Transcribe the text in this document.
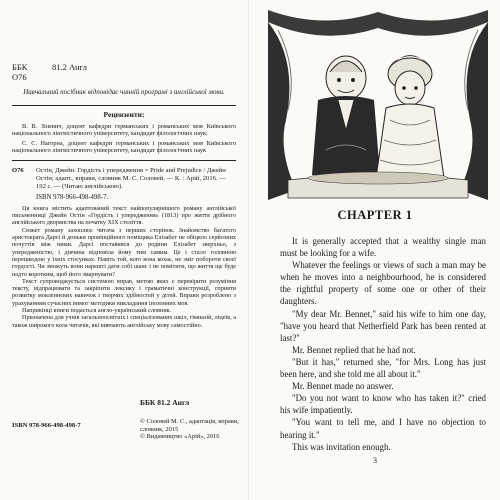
ББК	81.2 Англ
О76
Навчальний посібник відповідає чинній програмі з англійської мови.
Рецензенти:
В. В. Зіневич, доцент кафедри германських і романських мов Київського національного лінгвістичного університету, кандидат філологічних наук;
С. С. Нагорна, доцент кафедри германських і романських мов Київського національного лінгвістичного університету, кандидат філологічних наук
О76	Остін, Джейн. Гордість і упередження = Pride and Prejudice / Джейн Остін; адапт., вправи, словник М. С. Соловей. — К. : Арій, 2016. — 192 с. — (Читаю англійською).
ISBN 978-966-498-498-7.

Ця книга містить адаптований текст найпопулярнішого роману англійської письменниці Джейн Остін «Гордість і упередження» (1813) про життя дрібного англійського дворянства на початку XIX століття.

Сюжет роману захоплює читача з перших сторінок. Знайомство багатого аристократа Дарсі й доньки провінційного поміщика Елізабет не обіцяло серйозних почуттів між ними. Дарсі поставився до родини Елізабет зверхньо, з упередженістю, і дівчина відповіла йому тим самим. Це і стало головною перешкодою у їхніх стосунках. Навіть той, кого вона кохає, не зміг побороти своєї гордості. Чи зможуть вони нарешті дати собі шанс і не помітити, що життя ще буде надто коротким, щоб його змарнувати?

Текст супроводжується системою вправ, метою яких є перевірити розуміння тексту, відпрацювати та закріпити лексику і граматичні конструкції, сприяти розвитку мовленнєвих навичок і творчих здібностей у дітей. Вправи розроблено з урахуванням сучасних вимог методики викладання іноземних мов.

Наприкінці книги подається англо-український словник.

Призначена для учнів загальноосвітніх і спеціалізованих шкіл, гімназій, ліцеїв, а також широкого кола читачів, які вивчають англійську мову самостійно.

ББК 81.2 Англ
ISBN 978-966-498-498-7
© Соловей М. С., адаптація, вправи, словник, 2015
© Видавництво «Арій», 2016
CHAPTER 1

It is generally accepted that a wealthy single man must be looking for a wife.

Whatever the feelings or views of such a man may be when he moves into a neighbourhood, he is considered the rightful property of some one or other of their daughters.

"My dear Mr. Bennet," said his wife to him one day, "have you heard that Netherfield Park has been rented at last?"

Mr. Bennet replied that he had not.

"But it has," returned she, "for Mrs. Long has just been here, and she told me all about it."

Mr. Bennet made no answer.

"Do you not want to know who has taken it?" cried his wife impatiently.

"You want to tell me, and I have no objection to hearing it."

This was invitation enough.

3
